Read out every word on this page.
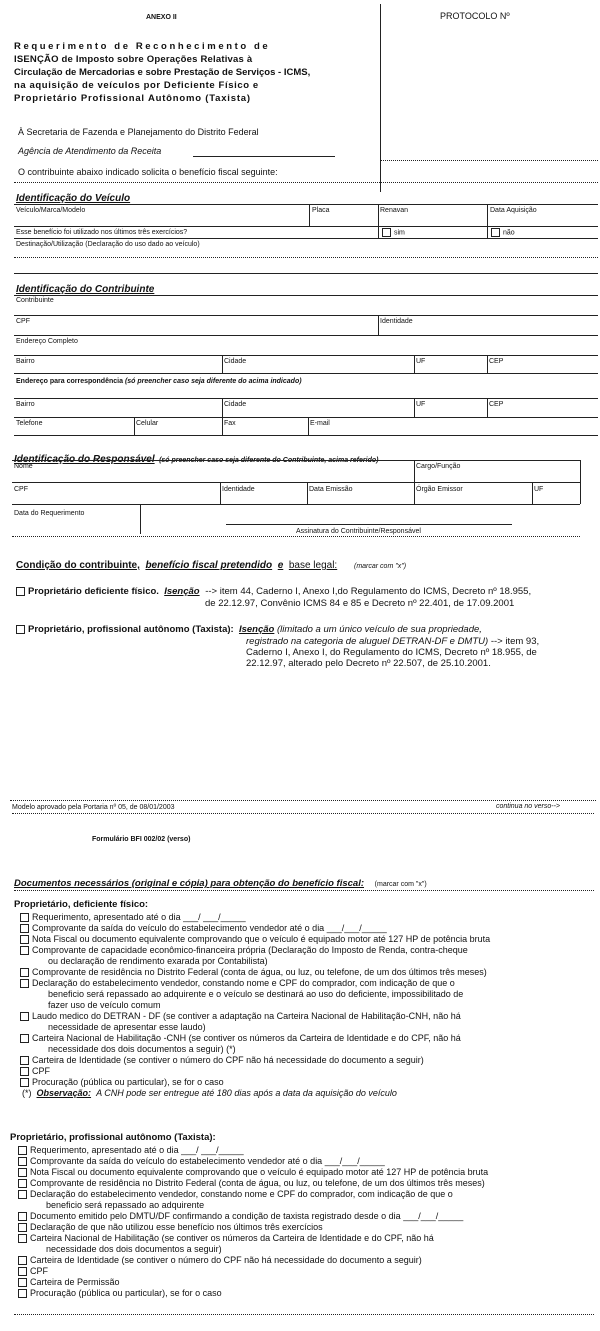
ANEXO II	PROTOCOLO Nº
Requerimento de Reconhecimento de
ISENÇÃO de Imposto sobre Operações Relativas à
Circulação de Mercadorias e sobre Prestação de Serviços - ICMS,
na aquisição de veículos por Deficiente Físico e
Proprietário Profissional Autônomo (Taxista)
À Secretaria de Fazenda e Planejamento do Distrito Federal
Agência de Atendimento da Receita
O contribuinte abaixo indicado solicita o benefício fiscal seguinte:
Identificação do Veículo
Veículo/Marca/Modelo	Placa	Renavan	Data Aquisição
Esse benefício foi utilizado nos últimos três exercícios?	sim	não
Destinação/Utilização (Declaração do uso dado ao veículo)
Identificação do Contribuinte
Contribuinte
CPF	Identidade
Endereço Completo
Bairro	Cidade	UF	CEP
Endereço para correspondência (só preencher caso seja diferente do acima indicado)
Bairro	Cidade	UF	CEP
Telefone	Celular	Fax	E-mail
Identificação do Responsável (só preencher caso seja diferente do Contribuinte, acima referido)
Nome	Cargo/Função
CPF	Identidade	Data Emissão	Órgão Emissor	UF
Data do Requerimento
Assinatura do Contribuinte/Responsável
Condição do contribuinte, benefício fiscal pretendido e base legal: (marcar com "x")
Proprietário deficiente físico. Isenção --> item 44, Caderno I, Anexo I,do Regulamento do ICMS, Decreto nº 18.955,
de 22.12.97, Convênio ICMS 84 e 85 e Decreto nº 22.401, de 17.09.2001
Proprietário, profissional autônomo (Taxista): Isenção (limitado a um único veículo de sua propriedade,
registrado na categoria de aluguel DETRAN-DF e DMTU) --> item 93,
Caderno I, Anexo I, do Regulamento do ICMS, Decreto nº 18.955, de
22.12.97, alterado pelo Decreto nº 22.507, de 25.10.2001.
Modelo aprovado pela Portaria nº 05, de 08/01/2003	continua no verso-->
Formulário BFI 002/02 (verso)
Documentos necessários (original e cópia) para obtenção do benefício fiscal: (marcar com "x")
Proprietário, deficiente físico:
Requerimento, apresentado até o dia ___/ ___/_____
Comprovante da saída do veículo do estabelecimento vendedor até o dia ___/___/_____
Nota Fiscal ou documento equivalente comprovando que o veículo é equipado motor até 127 HP de potência bruta
Comprovante de capacidade econômico-financeira própria (Declaração do Imposto de Renda, contra-cheque
ou declaração de rendimento exarada por Contabilista)
Comprovante de residência no Distrito Federal (conta de água, ou luz, ou telefone, de um dos últimos três meses)
Declaração do estabelecimento vendedor, constando nome e CPF do comprador, com indicação de que o
beneficio será repassado ao adquirente e o veículo se destinará ao uso do deficiente, impossibilitado de
fazer uso de veículo comum
Laudo medico do DETRAN - DF (se contiver a adaptação na Carteira Nacional de Habilitação-CNH, não há
necessidade de apresentar esse laudo)
Carteira Nacional de Habilitação -CNH (se contiver os números da Carteira de Identidade e do CPF, não há
necessidade dos dois documentos a seguir) (*)
Carteira de Identidade (se contiver o número do CPF não há necessidade do documento a seguir)
CPF
Procuração (pública ou particular), se for o caso
(*) Observação: A CNH pode ser entregue até 180 dias após a data da aquisição do veículo
Proprietário, profissional autônomo (Taxista):
Requerimento, apresentado até o dia ___/ ___/_____
Comprovante da saída do veículo do estabelecimento vendedor até o dia ___/___/_____
Nota Fiscal ou documento equivalente comprovando que o veículo é equipado motor até 127 HP de potência bruta
Comprovante de residência no Distrito Federal (conta de água, ou luz, ou telefone, de um dos últimos três meses)
Declaração do estabelecimento vendedor, constando nome e CPF do comprador, com indicação de que o
beneficio será repassado ao adquirente
Documento emitido pelo DMTU/DF confirmando a condição de taxista registrado desde o dia ___/___/_____
Declaração de que não utilizou esse benefício nos últimos três exercícios
Carteira Nacional de Habilitação (se contiver os números da Carteira de Identidade e do CPF, não há
necessidade dos dois documentos a seguir)
Carteira de Identidade (se contiver o número do CPF não há necessidade do documento a seguir)
CPF
Carteira de Permissão
Procuração (pública ou particular), se for o caso
